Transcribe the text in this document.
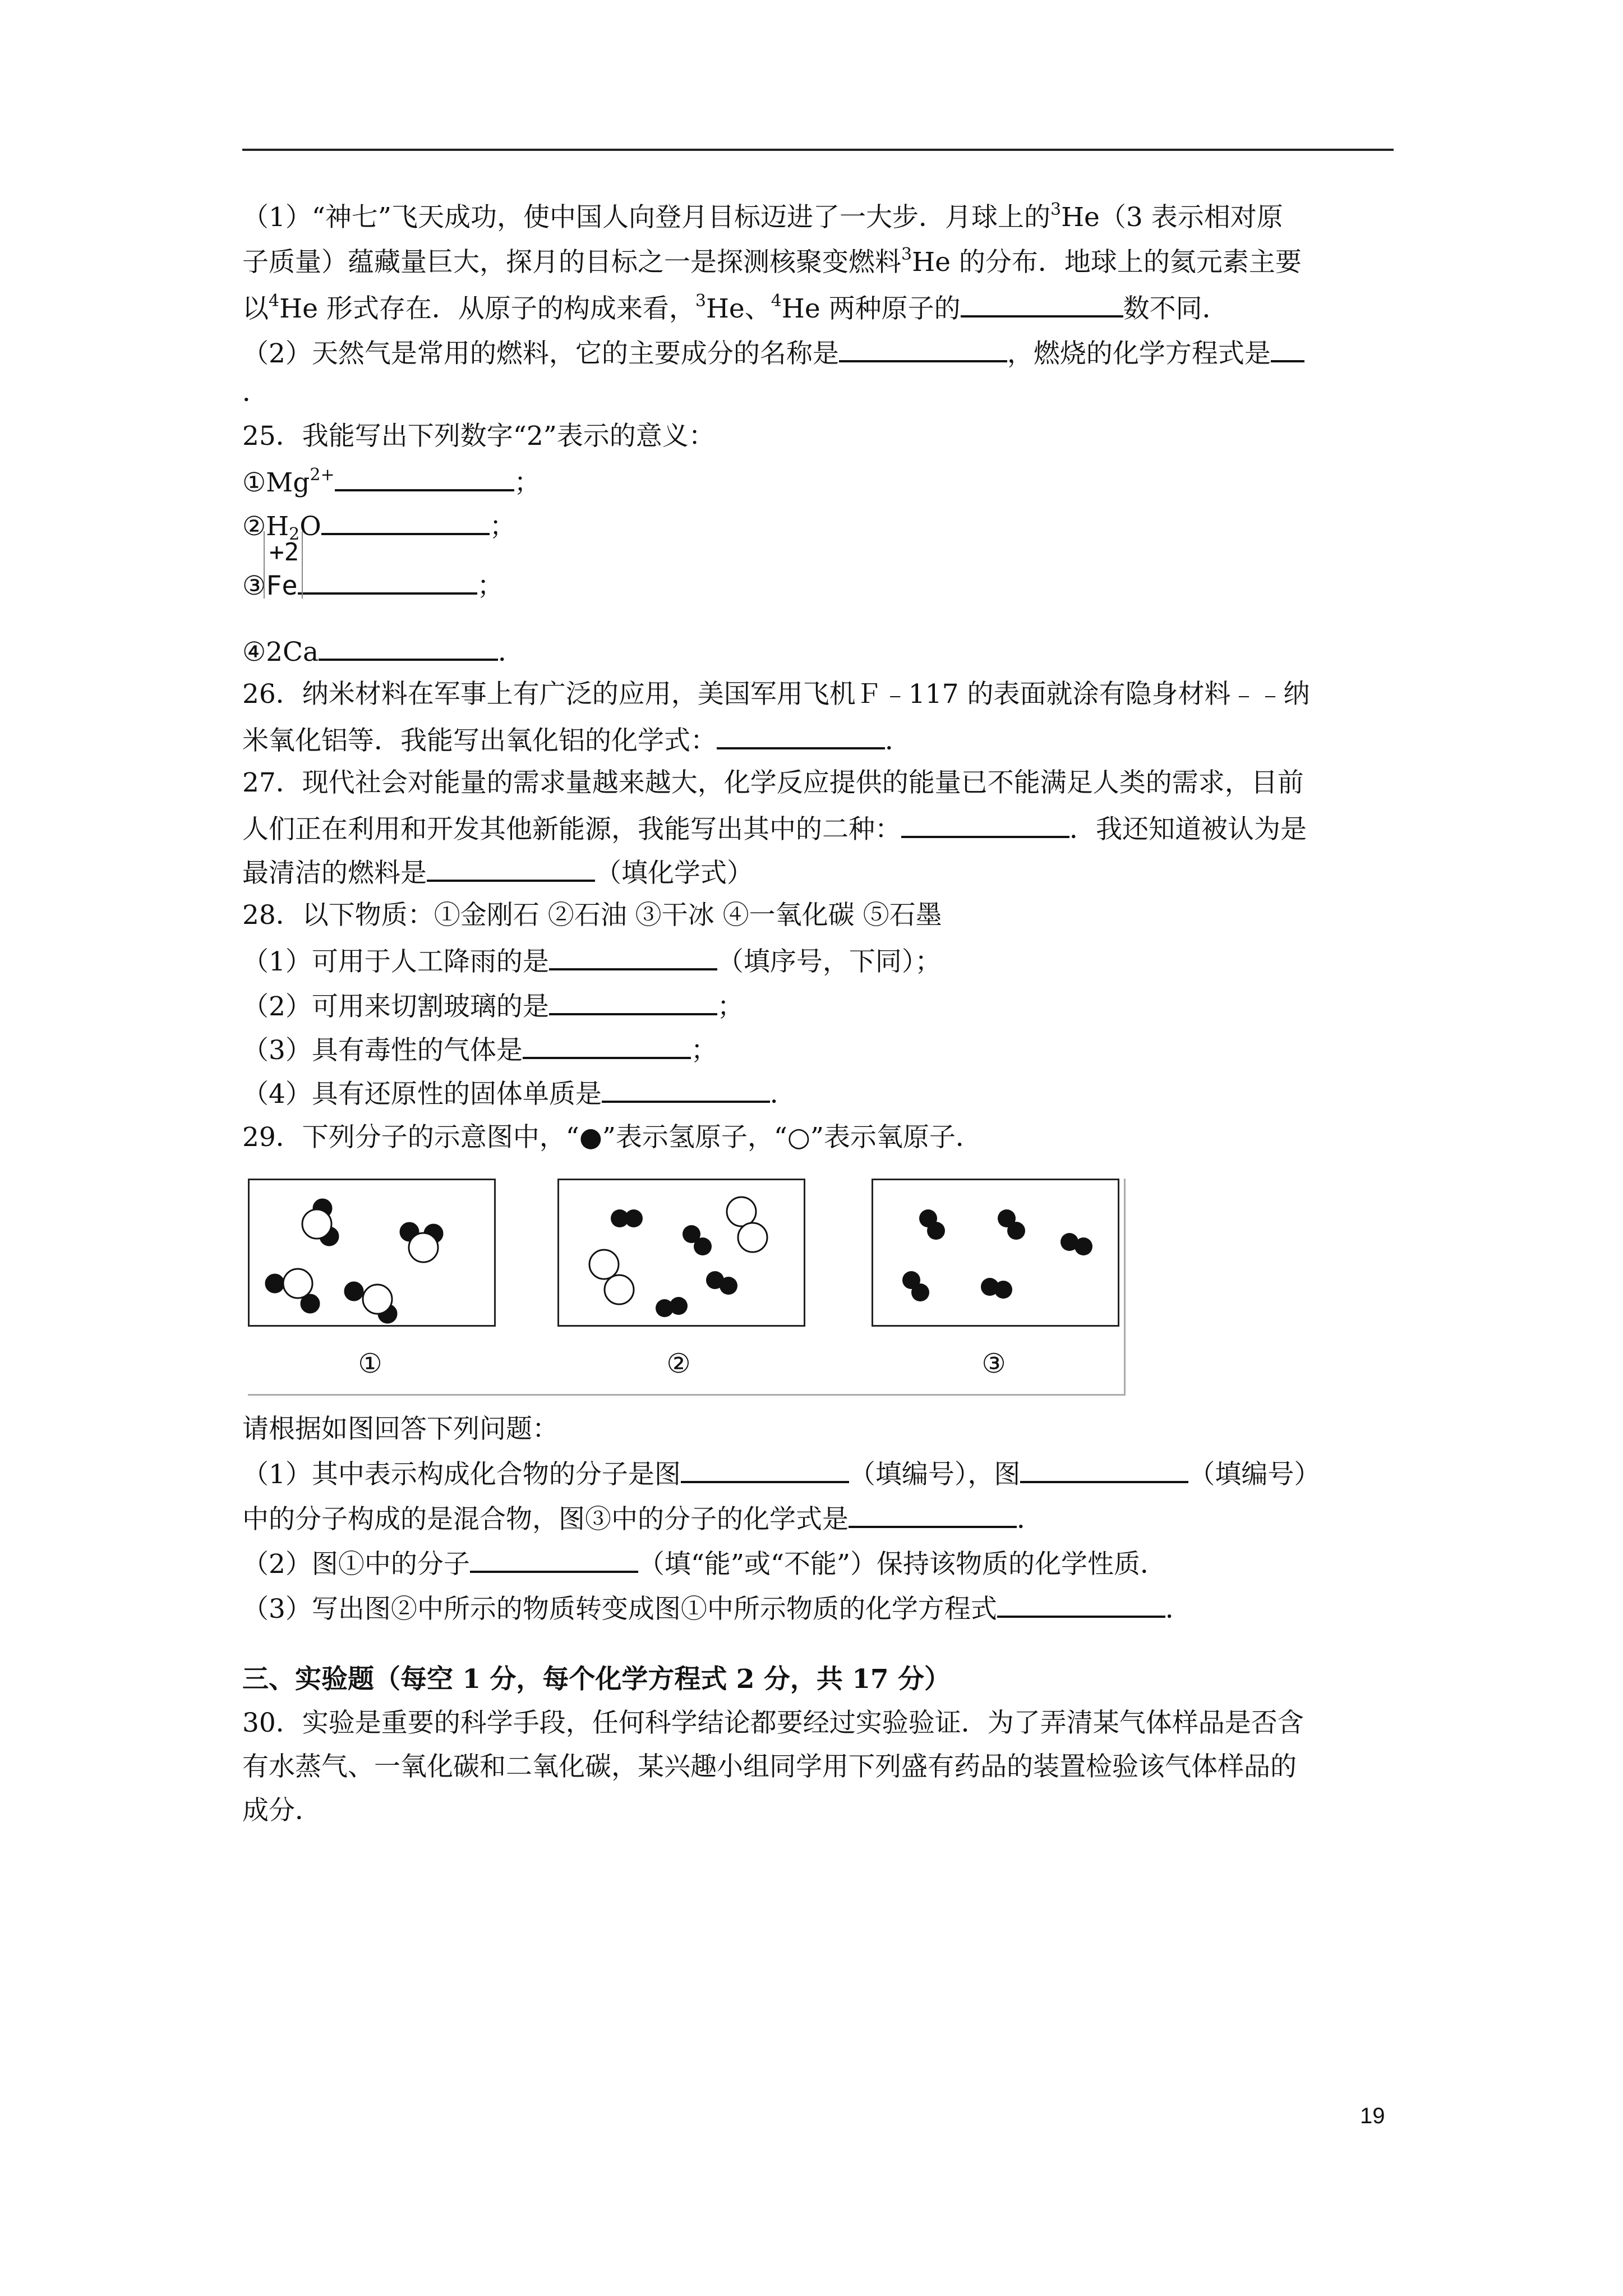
（1）“神七”飞天成功，使中国人向登月目标迈进了一大步．月球上的$^3$He（3 表示相对原
子质量）蕴藏量巨大，探月的目标之一是探测核聚变燃料$^3$He 的分布．地球上的氦元素主要
以$^4$He 形式存在．从原子的构成来看，$^3$He、$^4$He 两种原子的	数不同．
（2）天然气是常用的燃料，它的主要成分的名称是	，燃烧的化学方程式是
．
25．我能写出下列数字“2”表示的意义：
$①Mg^{2+}$	；
$②H_2O$	；
③
+2
Fe	；
④2Ca	．
26．纳米材料在军事上有广泛的应用，美国军用飞机Ｆ﹣117 的表面就涂有隐身材料﹣﹣纳
米氧化铝等．我能写出氧化铝的化学式：	．
27．现代社会对能量的需求量越来越大，化学反应提供的能量已不能满足人类的需求，目前
人们正在利用和开发其他新能源，我能写出其中的二种：	．我还知道被认为是
最清洁的燃料是	（填化学式）
28．以下物质：①金刚石 ②石油 ③干冰 ④一氧化碳 ⑤石墨
（1）可用于人工降雨的是	（填序号，下同）；
（2）可用来切割玻璃的是	；
（3）具有毒性的气体是	；
（4）具有还原性的固体单质是	．
29．下列分子的示意图中，“●”表示氢原子，“○”表示氧原子．
①	②	③
请根据如图回答下列问题：
（1）其中表示构成化合物的分子是图	（填编号），图	（填编号）
中的分子构成的是混合物，图③中的分子的化学式是	．
（2）图①中的分子	（填“能”或“不能”）保持该物质的化学性质．
（3）写出图②中所示的物质转变成图①中所示物质的化学方程式	．
三、实验题（每空 1 分，每个化学方程式 2 分，共 17 分）
30．实验是重要的科学手段，任何科学结论都要经过实验验证．为了弄清某气体样品是否含
有水蒸气、一氧化碳和二氧化碳，某兴趣小组同学用下列盛有药品的装置检验该气体样品的
成分．
19
